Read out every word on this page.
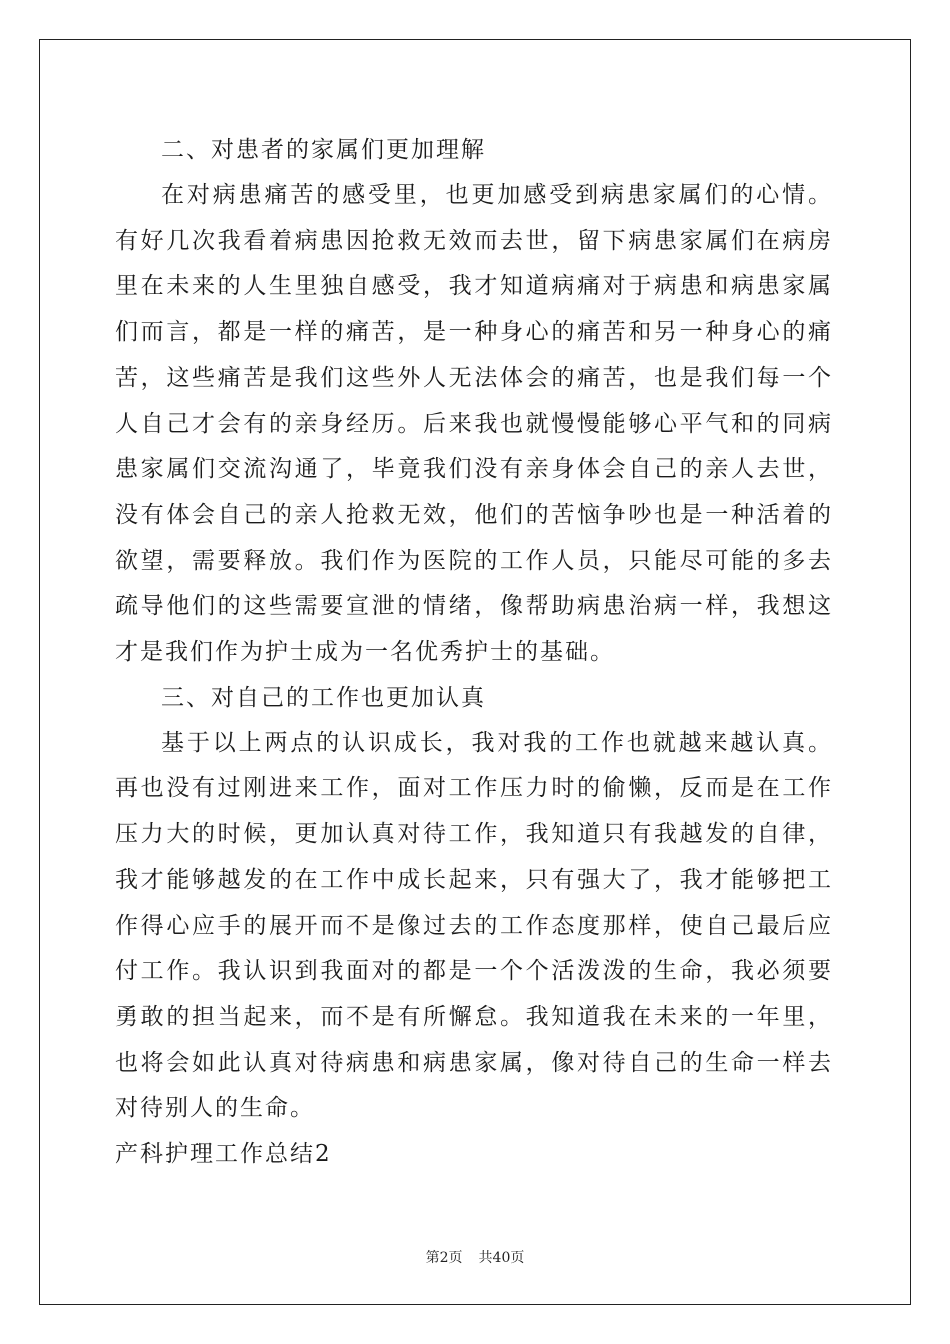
二、对患者的家属们更加理解

在对病患痛苦的感受里，也更加感受到病患家属们的心情。有好几次我看着病患因抢救无效而去世，留下病患家属们在病房里在未来的人生里独自感受，我才知道病痛对于病患和病患家属们而言，都是一样的痛苦，是一种身心的痛苦和另一种身心的痛苦，这些痛苦是我们这些外人无法体会的痛苦，也是我们每一个人自己才会有的亲身经历。后来我也就慢慢能够心平气和的同病患家属们交流沟通了，毕竟我们没有亲身体会自己的亲人去世，没有体会自己的亲人抢救无效，他们的苦恼争吵也是一种活着的欲望，需要释放。我们作为医院的工作人员，只能尽可能的多去疏导他们的这些需要宣泄的情绪，像帮助病患治病一样，我想这才是我们作为护士成为一名优秀护士的基础。

三、对自己的工作也更加认真

基于以上两点的认识成长，我对我的工作也就越来越认真。再也没有过刚进来工作，面对工作压力时的偷懒，反而是在工作压力大的时候，更加认真对待工作，我知道只有我越发的自律，我才能够越发的在工作中成长起来，只有强大了，我才能够把工作得心应手的展开而不是像过去的工作态度那样，使自己最后应付工作。我认识到我面对的都是一个个活泼泼的生命，我必须要勇敢的担当起来，而不是有所懈怠。我知道我在未来的一年里，也将会如此认真对待病患和病患家属，像对待自己的生命一样去对待别人的生命。

产科护理工作总结2

第2页 共40页
